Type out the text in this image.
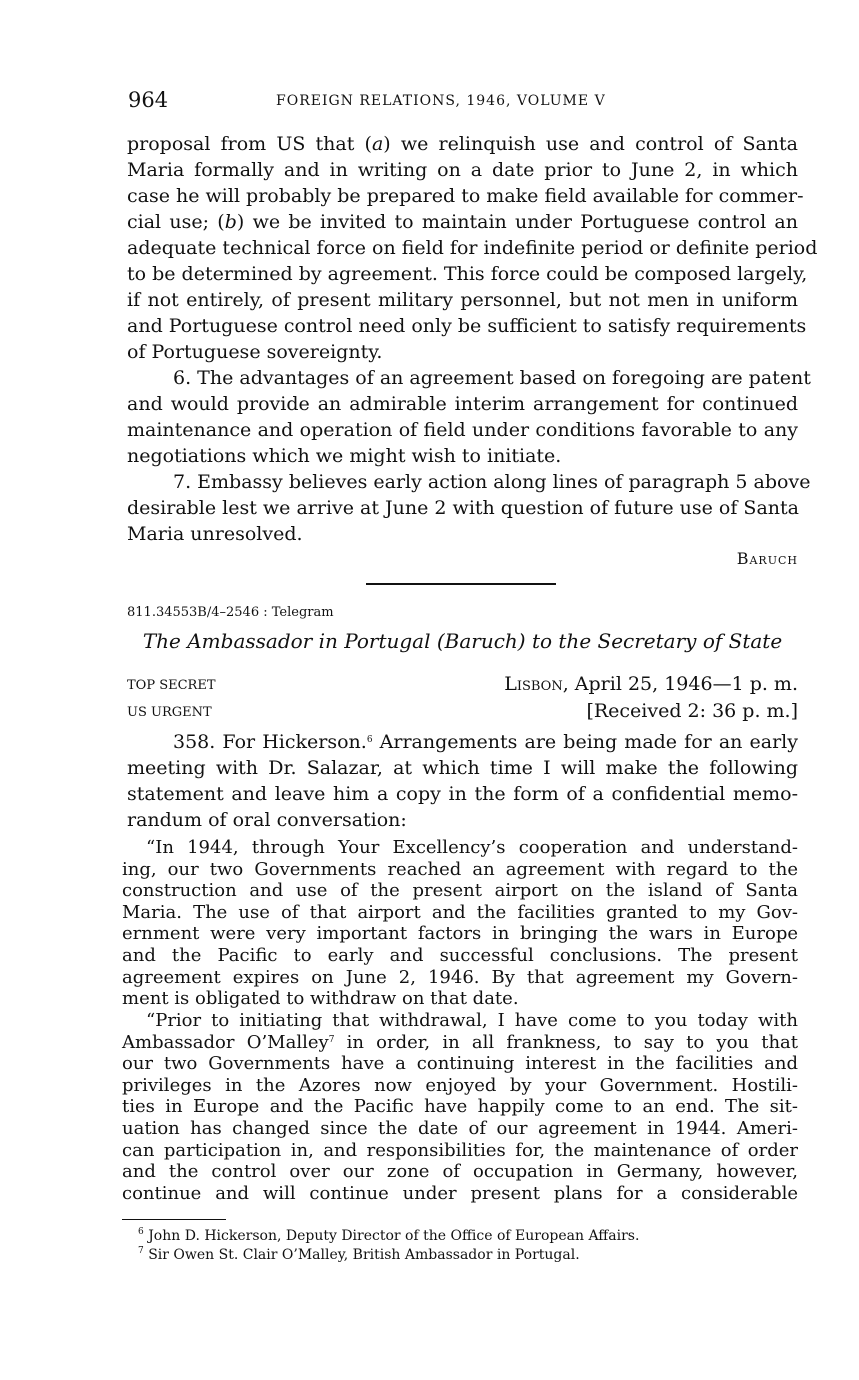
964	FOREIGN RELATIONS, 1946, VOLUME V
proposal from US that (a) we relinquish use and control of Santa
Maria formally and in writing on a date prior to June 2, in which
case he will probably be prepared to make field available for commer-
cial use; (b) we be invited to maintain under Portuguese control an
adequate technical force on field for indefinite period or definite period
to be determined by agreement. This force could be composed largely,
if not entirely, of present military personnel, but not men in uniform
and Portuguese control need only be sufficient to satisfy requirements
of Portuguese sovereignty.
6. The advantages of an agreement based on foregoing are patent
and would provide an admirable interim arrangement for continued
maintenance and operation of field under conditions favorable to any
negotiations which we might wish to initiate.
7. Embassy believes early action along lines of paragraph 5 above
desirable lest we arrive at June 2 with question of future use of Santa
Maria unresolved.
Baruch
811.34553B/4–2546 : Telegram
The Ambassador in Portugal (Baruch) to the Secretary of State
TOP SECRET	Lisbon, April 25, 1946—1 p. m.
US URGENT	[Received 2: 36 p. m.]
358. For Hickerson.$^6$ Arrangements are being made for an early
meeting with Dr. Salazar, at which time I will make the following
statement and leave him a copy in the form of a confidential memo-
randum of oral conversation:
“In 1944, through Your Excellency’s cooperation and understand-
ing, our two Governments reached an agreement with regard to the
construction and use of the present airport on the island of Santa
Maria. The use of that airport and the facilities granted to my Gov-
ernment were very important factors in bringing the wars in Europe
and the Pacific to early and successful conclusions. The present
agreement expires on June 2, 1946. By that agreement my Govern-
ment is obligated to withdraw on that date.
“Prior to initiating that withdrawal, I have come to you today with
Ambassador O’Malley$^7$ in order, in all frankness, to say to you that
our two Governments have a continuing interest in the facilities and
privileges in the Azores now enjoyed by your Government. Hostili-
ties in Europe and the Pacific have happily come to an end. The sit-
uation has changed since the date of our agreement in 1944. Ameri-
can participation in, and responsibilities for, the maintenance of order
and the control over our zone of occupation in Germany, however,
continue and will continue under present plans for a considerable
$^6$ John D. Hickerson, Deputy Director of the Office of European Affairs.
$^7$ Sir Owen St. Clair O’Malley, British Ambassador in Portugal.
